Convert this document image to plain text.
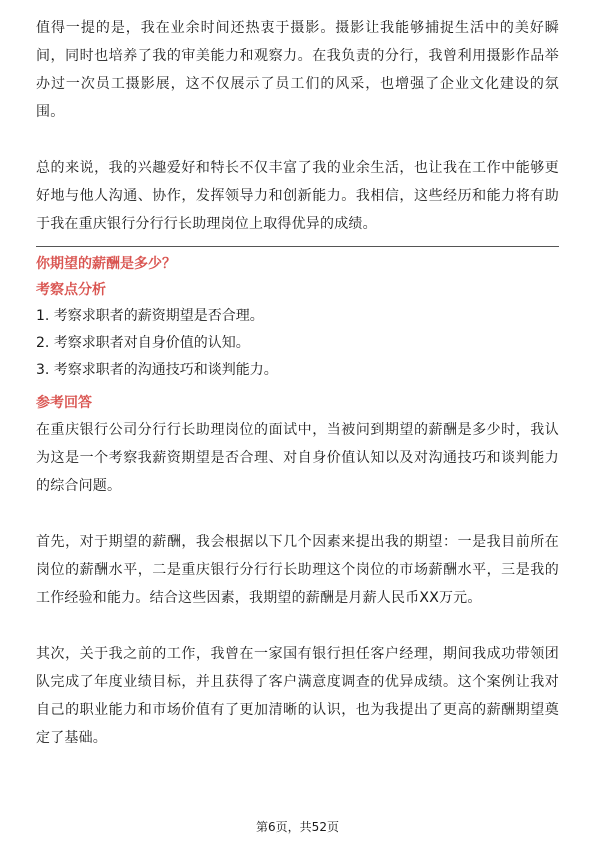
值得一提的是，我在业余时间还热衷于摄影。摄影让我能够捕捉生活中的美好瞬间，同时也培养了我的审美能力和观察力。在我负责的分行，我曾利用摄影作品举办过一次员工摄影展，这不仅展示了员工们的风采，也增强了企业文化建设的氛围。

总的来说，我的兴趣爱好和特长不仅丰富了我的业余生活，也让我在工作中能够更好地与他人沟通、协作，发挥领导力和创新能力。我相信，这些经历和能力将有助于我在重庆银行分行行长助理岗位上取得优异的成绩。

你期望的薪酬是多少？

考察点分析

1. 考察求职者的薪资期望是否合理。

2. 考察求职者对自身价值的认知。

3. 考察求职者的沟通技巧和谈判能力。

参考回答

在重庆银行公司分行行长助理岗位的面试中，当被问到期望的薪酬是多少时，我认为这是一个考察我薪资期望是否合理、对自身价值认知以及对沟通技巧和谈判能力的综合问题。

首先，对于期望的薪酬，我会根据以下几个因素来提出我的期望：一是我目前所在岗位的薪酬水平，二是重庆银行分行行长助理这个岗位的市场薪酬水平，三是我的工作经验和能力。结合这些因素，我期望的薪酬是月薪人民币XX万元。

其次，关于我之前的工作，我曾在一家国有银行担任客户经理，期间我成功带领团队完成了年度业绩目标，并且获得了客户满意度调查的优异成绩。这个案例让我对自己的职业能力和市场价值有了更加清晰的认识，也为我提出了更高的薪酬期望奠定了基础。

第6页，共52页
